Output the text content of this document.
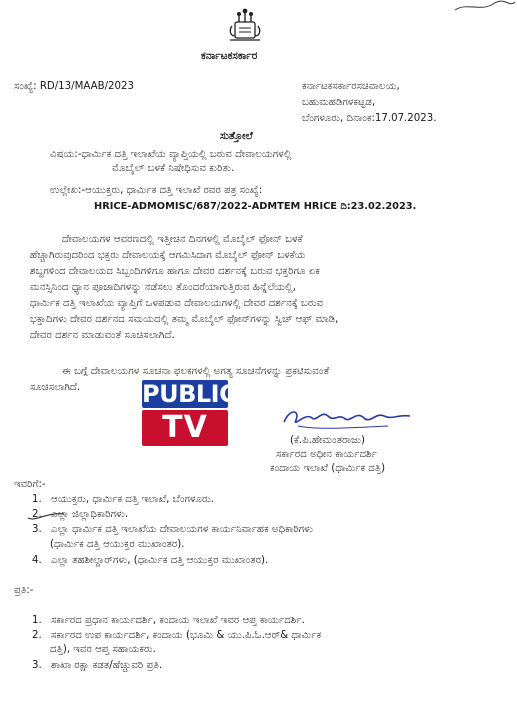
ಕರ್ನಾಟಕಸರ್ಕಾರ
ಸಂಖ್ಯೆ: RD/13/MAAB/2023	ಕರ್ನಾಟಕಸರ್ಕಾರಸಚಿವಾಲಯ,
ಬಹುಮಹಡಿಗಳಕಟ್ಟಡ,
ಬೆಂಗಳೂರು, ದಿನಾಂಕ:17.07.2023.
ಸುತ್ತೋಲೆ
ವಿಷಯ:-ಧಾರ್ಮಿಕ ದತ್ತಿ ಇಲಾಖೆಯ ವ್ಯಾಪ್ತಿಯಲ್ಲಿ ಬರುವ ದೇವಾಲಯಗಳಲ್ಲಿ
ಮೊಬೈಲ್ ಬಳಕೆ ನಿಷೇಧಿಸುವ ಕುರಿತು.
ಉಲ್ಲೇಖ:-ಆಯುಕ್ತರು, ಧಾರ್ಮಿಕ ದತ್ತಿ ಇಲಾಖೆ ರವರ ಪತ್ರ ಸಂಖ್ಯೆ:
HRICE-ADMOMISC/687/2022-ADMTEM HRICE ದಿ:23.02.2023.
ದೇವಾಲಯಗಳ ಆವರಣದಲ್ಲಿ ಇತ್ತೀಚಿನ ದಿನಗಳಲ್ಲಿ ಮೊಬೈಲ್ ಫೋನ್ ಬಳಕೆ
ಹೆಚ್ಚಾಗಿರುವುದರಿಂದ ಭಕ್ತರು ದೇವಾಲಯಕ್ಕೆ ಆಗಮಿಸಿದಾಗ ಮೊಬೈಲ್ ಫೋನ್ ಬಳಕೆಯ
ಶಬ್ದಗಳಿಂದ ದೇವಾಲಯದ ಸಿಬ್ಬಂದಿಗಳಿಗೂ ಹಾಗೂ ದೇವರ ದರ್ಶನಕ್ಕೆ ಬರುವ ಭಕ್ತರಿಗೂ ಏಕ
ಮನಸ್ಸಿನಿಂದ ಧ್ಯಾನ ಪೂಜಾದಿಗಳನ್ನು ನಡೆಸಲು ತೊಂದರೆಯಾಗುತ್ತಿರುವ ಹಿನ್ನೆಲೆಯಲ್ಲಿ,
ಧಾರ್ಮಿಕ ದತ್ತಿ ಇಲಾಖೆಯ ವ್ಯಾಪ್ತಿಗೆ ಒಳಪಡುವ ದೇವಾಲಯಗಳಲ್ಲಿ ದೇವರ ದರ್ಶನಕ್ಕೆ ಬರುವ
ಭಕ್ತಾದಿಗಳು ದೇವರ ದರ್ಶನದ ಸಮಯದಲ್ಲಿ ತಮ್ಮ ಮೊಬೈಲ್ ಫೋನ್‌ಗಳನ್ನು ಸ್ವಿಚ್ ಆಫ್ ಮಾಡಿ,
ದೇವರ ದರ್ಶನ ಮಾಡುವಂತೆ ಸೂಚಿಸಲಾಗಿದೆ.
ಈ ಬಗ್ಗೆ ದೇವಾಲಯಗಳ ಸೂಚನಾ ಫಲಕಗಳಲ್ಲಿ ಅಗತ್ಯ ಸೂಚನೆಗಳನ್ನು ಪ್ರಕಟಿಸುವಂತೆ
ಸೂಚಿಸಲಾಗಿದೆ.	PUBLIC
TV	(ಕೆ.ಪಿ.ಹೇಮಂತರಾಜು)
ಸರ್ಕಾರದ ಅಧೀನ ಕಾರ್ಯದರ್ಶಿ
ಕಂದಾಯ ಇಲಾಖೆ (ಧಾರ್ಮಿಕ ದತ್ತಿ)
ಇವರಿಗೆ:-
1. ಆಯುಕ್ತರು, ಧಾರ್ಮಿಕ ದತ್ತಿ ಇಲಾಖೆ, ಬೆಂಗಳೂರು.
2. ಎಲ್ಲಾ ಜಿಲ್ಲಾಧಿಕಾರಿಗಳು.
3. ಎಲ್ಲಾ ಧಾರ್ಮಿಕ ದತ್ತಿ ಇಲಾಖೆಯ ದೇವಾಲಯಗಳ ಕಾರ್ಯನಿರ್ವಾಹಕ ಅಧಿಕಾರಿಗಳು
(ಧಾರ್ಮಿಕ ದತ್ತಿ ಆಯುಕ್ತರ ಮುಖಾಂತರ).
4. ಎಲ್ಲಾ ತಹಶೀಲ್ದಾರ್‌ಗಳು, (ಧಾರ್ಮಿಕ ದತ್ತಿ ಆಯುಕ್ತರ ಮುಖಾಂತರ).
ಪ್ರತಿ:-
1. ಸರ್ಕಾರದ ಪ್ರಧಾನ ಕಾರ್ಯದರ್ಶಿ, ಕಂದಾಯ ಇಲಾಖೆ ಇವರ ಆಪ್ತ ಕಾರ್ಯದರ್ಶಿ.
2. ಸರ್ಕಾರದ ಉಪ ಕಾರ್ಯದರ್ಶಿ, ಕಂದಾಯ (ಭೂಮಿ & ಯು.ಪಿ.ಓ.ಆರ್& ಧಾರ್ಮಿಕ
ದತ್ತಿ), ಇವರ ಆಪ್ತ ಸಹಾಯಕರು.
3. ಶಾಖಾ ರಕ್ಷಾ ಕಡತ/ಹೆಚ್ಚುವರಿ ಪ್ರತಿ.
